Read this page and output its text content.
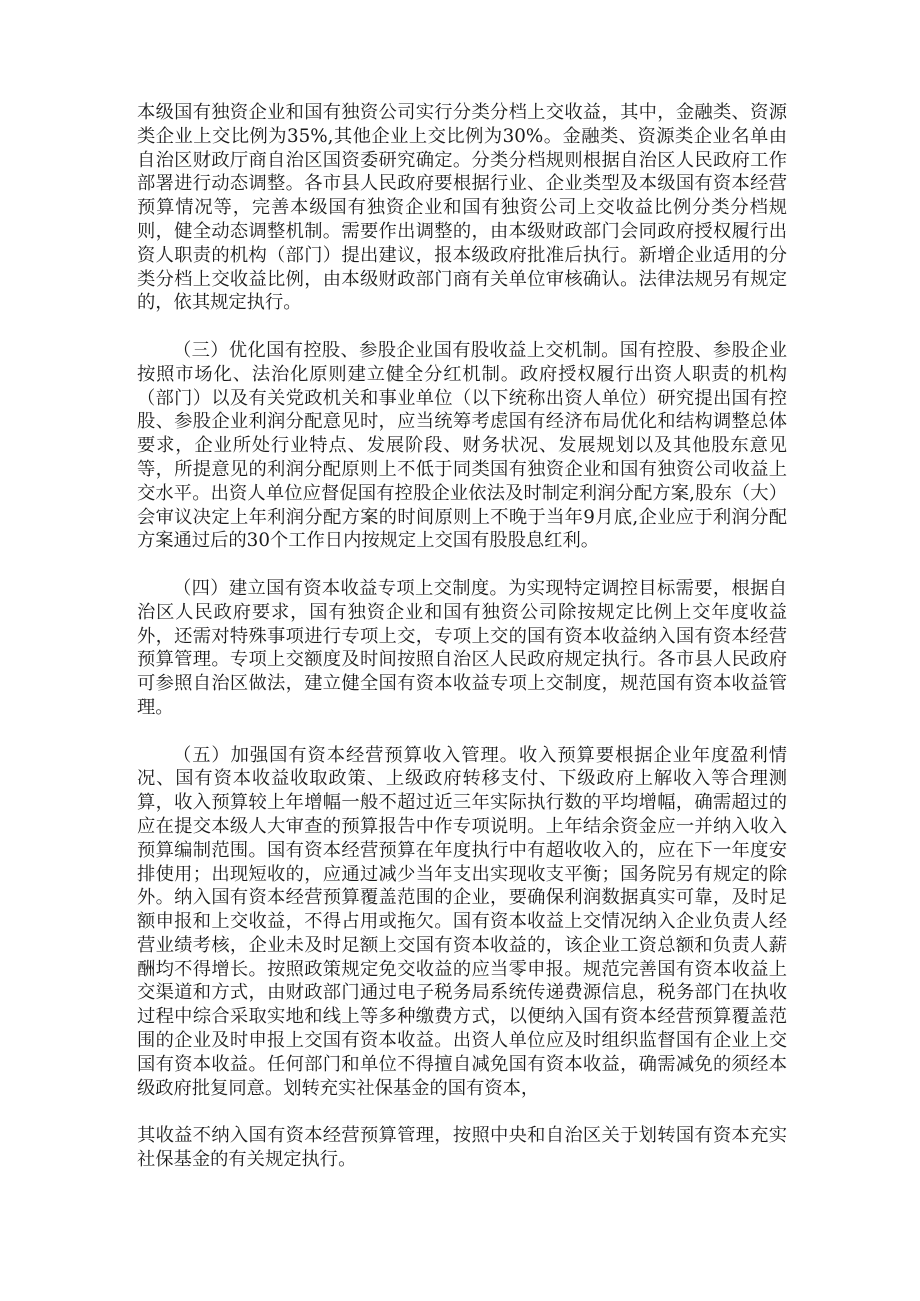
本级国有独资企业和国有独资公司实行分类分档上交收益，其中，金融类、资源类企业上交比例为35%,其他企业上交比例为30%。金融类、资源类企业名单由自治区财政厅商自治区国资委研究确定。分类分档规则根据自治区人民政府工作部署进行动态调整。各市县人民政府要根据行业、企业类型及本级国有资本经营预算情况等，完善本级国有独资企业和国有独资公司上交收益比例分类分档规则，健全动态调整机制。需要作出调整的，由本级财政部门会同政府授权履行出资人职责的机构（部门）提出建议，报本级政府批准后执行。新增企业适用的分类分档上交收益比例，由本级财政部门商有关单位审核确认。法律法规另有规定的，依其规定执行。

（三）优化国有控股、参股企业国有股收益上交机制。国有控股、参股企业按照市场化、法治化原则建立健全分红机制。政府授权履行出资人职责的机构（部门）以及有关党政机关和事业单位（以下统称出资人单位）研究提出国有控股、参股企业利润分配意见时，应当统筹考虑国有经济布局优化和结构调整总体要求，企业所处行业特点、发展阶段、财务状况、发展规划以及其他股东意见等，所提意见的利润分配原则上不低于同类国有独资企业和国有独资公司收益上交水平。出资人单位应督促国有控股企业依法及时制定利润分配方案,股东（大）会审议决定上年利润分配方案的时间原则上不晚于当年9月底,企业应于利润分配方案通过后的30个工作日内按规定上交国有股股息红利。

（四）建立国有资本收益专项上交制度。为实现特定调控目标需要，根据自治区人民政府要求，国有独资企业和国有独资公司除按规定比例上交年度收益外，还需对特殊事项进行专项上交，专项上交的国有资本收益纳入国有资本经营预算管理。专项上交额度及时间按照自治区人民政府规定执行。各市县人民政府可参照自治区做法，建立健全国有资本收益专项上交制度，规范国有资本收益管理。

（五）加强国有资本经营预算收入管理。收入预算要根据企业年度盈利情况、国有资本收益收取政策、上级政府转移支付、下级政府上解收入等合理测算，收入预算较上年增幅一般不超过近三年实际执行数的平均增幅，确需超过的应在提交本级人大审查的预算报告中作专项说明。上年结余资金应一并纳入收入预算编制范围。国有资本经营预算在年度执行中有超收收入的，应在下一年度安排使用；出现短收的，应通过减少当年支出实现收支平衡；国务院另有规定的除外。纳入国有资本经营预算覆盖范围的企业，要确保利润数据真实可靠，及时足额申报和上交收益，不得占用或拖欠。国有资本收益上交情况纳入企业负责人经营业绩考核，企业未及时足额上交国有资本收益的，该企业工资总额和负责人薪酬均不得增长。按照政策规定免交收益的应当零申报。规范完善国有资本收益上交渠道和方式，由财政部门通过电子税务局系统传递费源信息，税务部门在执收过程中综合采取实地和线上等多种缴费方式，以便纳入国有资本经营预算覆盖范围的企业及时申报上交国有资本收益。出资人单位应及时组织监督国有企业上交国有资本收益。任何部门和单位不得擅自减免国有资本收益，确需减免的须经本级政府批复同意。划转充实社保基金的国有资本，

其收益不纳入国有资本经营预算管理，按照中央和自治区关于划转国有资本充实社保基金的有关规定执行。
